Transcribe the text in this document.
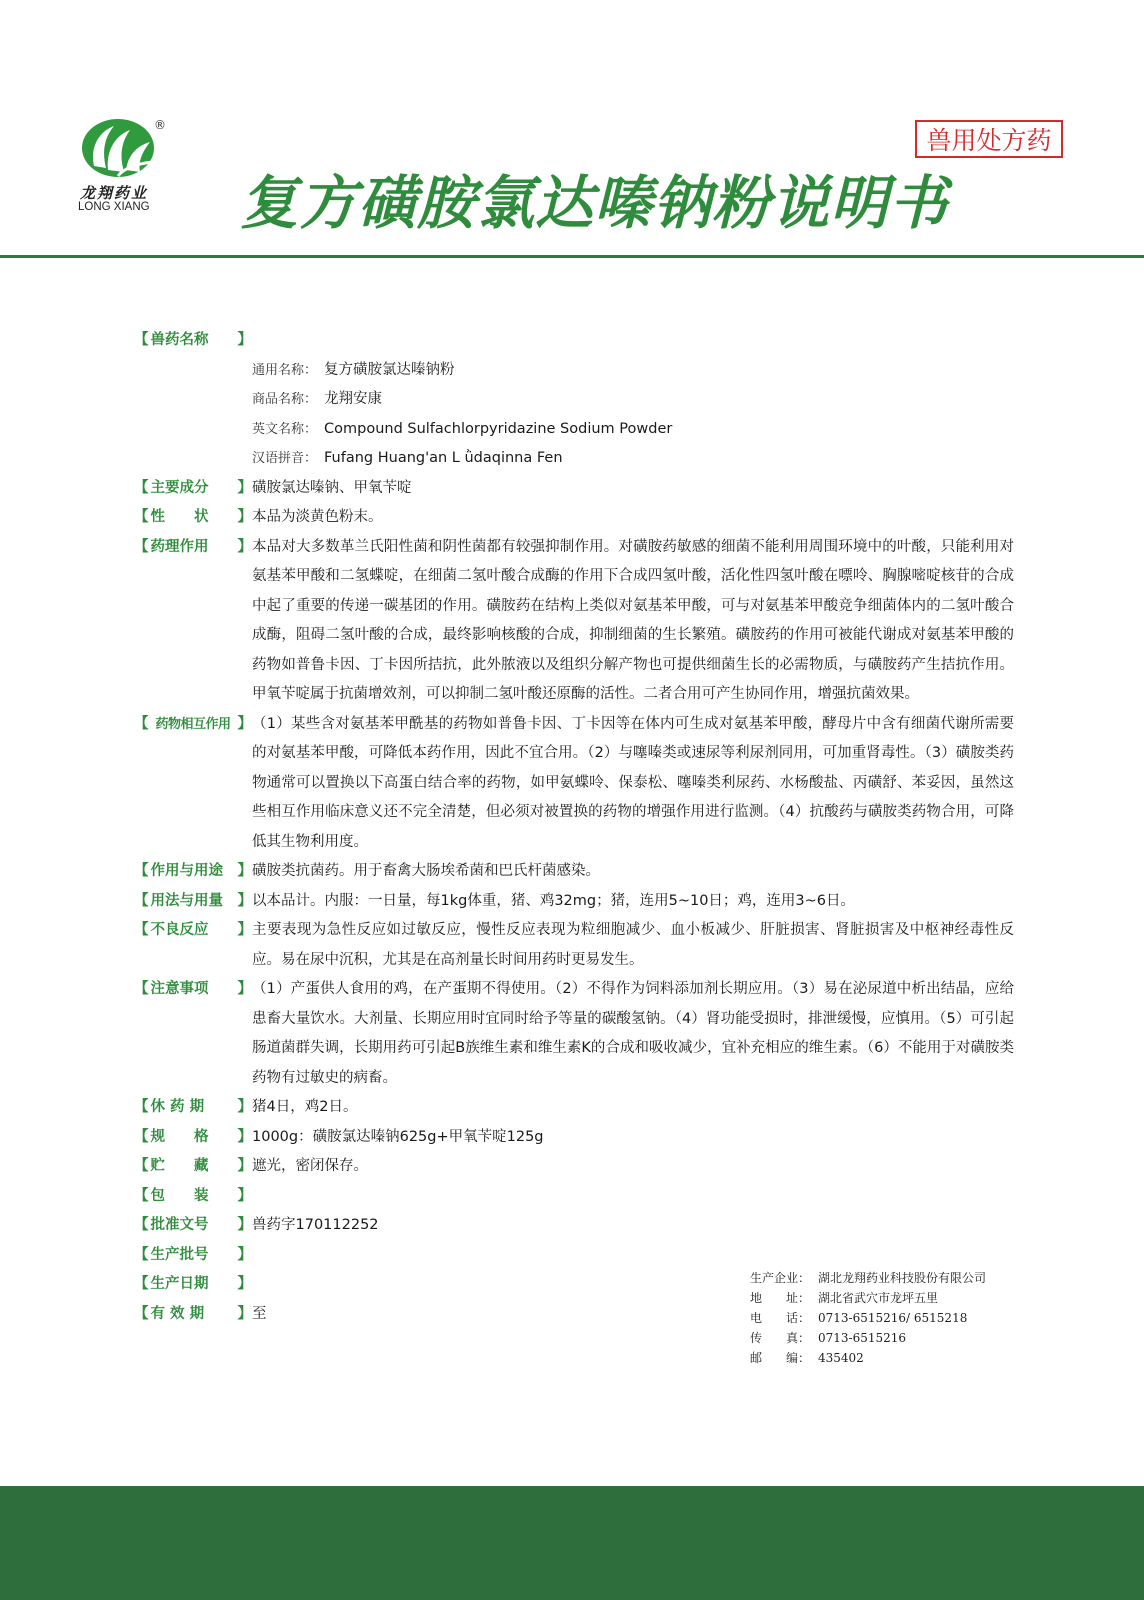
®
龙翔药业
LONG XIANG
兽用处方药
复方磺胺氯达嗪钠粉说明书
【 兽药名称	】
通用名称： 复方磺胺氯达嗪钠粉
商品名称： 龙翔安康
英文名称： Compound Sulfachlorpyridazine Sodium Powder
汉语拼音： Fufang Huang'an L ǜdaqinna Fen
【 主要成分	】 磺胺氯达嗪钠、甲氧苄啶
【 性　　状	】 本品为淡黄色粉末。
【 药理作用	】 本品对大多数革兰氏阳性菌和阴性菌都有较强抑制作用。对磺胺药敏感的细菌不能利用周围环境中的叶酸，只能利用对氨基苯甲酸和二氢蝶啶，在细菌二氢叶酸合成酶的作用下合成四氢叶酸，活化性四氢叶酸在嘌呤、胸腺嘧啶核苷的合成中起了重要的传递一碳基团的作用。磺胺药在结构上类似对氨基苯甲酸，可与对氨基苯甲酸竞争细菌体内的二氢叶酸合成酶，阻碍二氢叶酸的合成，最终影响核酸的合成，抑制细菌的生长繁殖。磺胺药的作用可被能代谢成对氨基苯甲酸的药物如普鲁卡因、丁卡因所拮抗，此外脓液以及组织分解产物也可提供细菌生长的必需物质，与磺胺药产生拮抗作用。甲氧苄啶属于抗菌增效剂，可以抑制二氢叶酸还原酶的活性。二者合用可产生协同作用，增强抗菌效果。
【 药物相互作用 】 （1）某些含对氨基苯甲酰基的药物如普鲁卡因、丁卡因等在体内可生成对氨基苯甲酸，酵母片中含有细菌代谢所需要的对氨基苯甲酸，可降低本药作用，因此不宜合用。（2）与噻嗪类或速尿等利尿剂同用，可加重肾毒性。（3）磺胺类药物通常可以置换以下高蛋白结合率的药物，如甲氨蝶呤、保泰松、噻嗪类利尿药、水杨酸盐、丙磺舒、苯妥因，虽然这些相互作用临床意义还不完全清楚，但必须对被置换的药物的增强作用进行监测。（4）抗酸药与磺胺类药物合用，可降低其生物利用度。
【 作用与用途	】 磺胺类抗菌药。用于畜禽大肠埃希菌和巴氏杆菌感染。
【 用法与用量	】 以本品计。内服：一日量，每1kg体重，猪、鸡32mg；猪，连用5~10日；鸡，连用3~6日。
【 不良反应	】 主要表现为急性反应如过敏反应，慢性反应表现为粒细胞减少、血小板减少、肝脏损害、肾脏损害及中枢神经毒性反应。易在尿中沉积，尤其是在高剂量长时间用药时更易发生。
【 注意事项	】 （1）产蛋供人食用的鸡，在产蛋期不得使用。（2）不得作为饲料添加剂长期应用。（3）易在泌尿道中析出结晶，应给患畜大量饮水。大剂量、长期应用时宜同时给予等量的碳酸氢钠。（4）肾功能受损时，排泄缓慢，应慎用。（5）可引起肠道菌群失调，长期用药可引起B族维生素和维生素K的合成和吸收减少，宜补充相应的维生素。（6）不能用于对磺胺类药物有过敏史的病畜。
【 休 药 期	】 猪4日，鸡2日。
【 规　　格	】 1000g：磺胺氯达嗪钠625g+甲氧苄啶125g
【 贮　　藏	】 遮光，密闭保存。
【 包　　装	】
【 批准文号	】 兽药字170112252
【 生产批号	】
【 生产日期	】
【 有 效 期	】 至
生产企业： 湖北龙翔药业科技股份有限公司
地　　址： 湖北省武穴市龙坪五里
电　　话： 0713-6515216/ 6515218
传　　真： 0713-6515216
邮　　编： 435402
